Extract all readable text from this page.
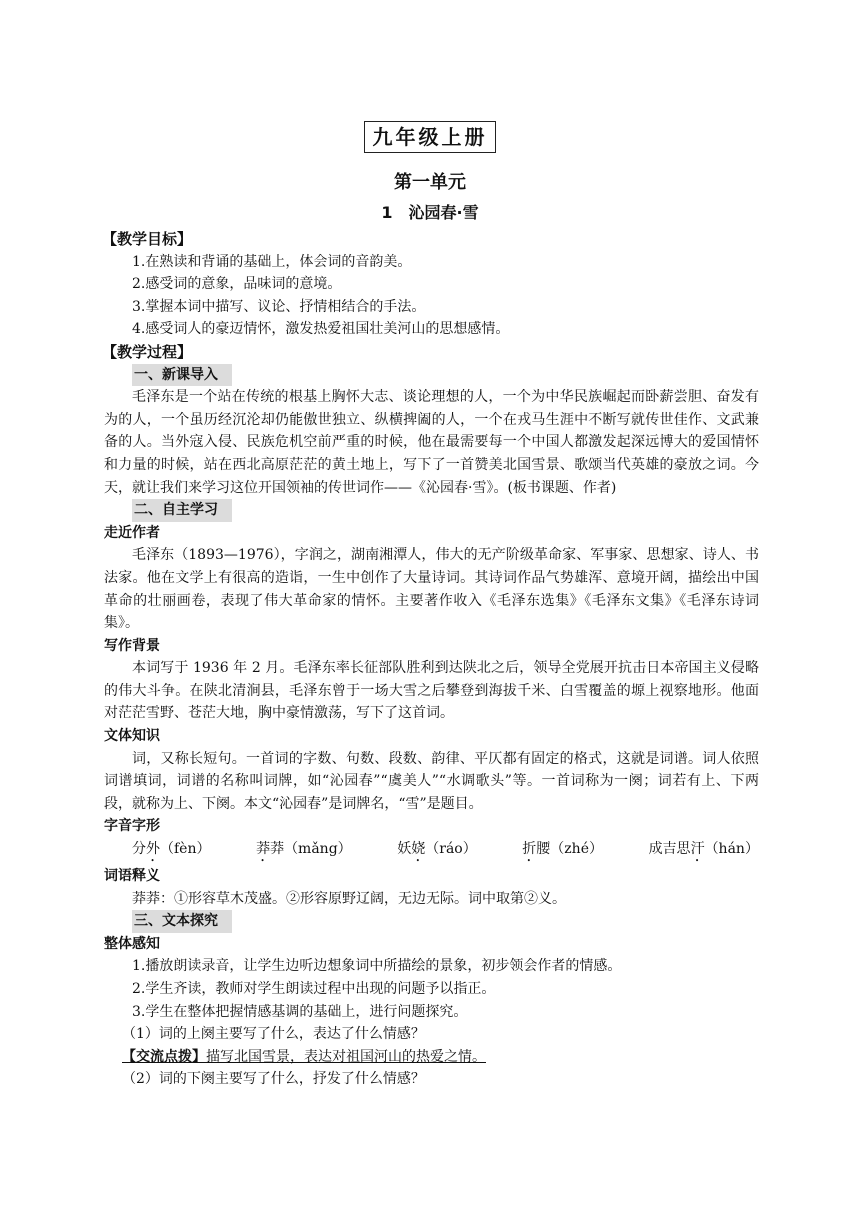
九年级上册
第一单元
1　沁园春·雪

【教学目标】

1.在熟读和背诵的基础上，体会词的音韵美。

2.感受词的意象，品味词的意境。

3.掌握本词中描写、议论、抒情相结合的手法。

4.感受词人的豪迈情怀，激发热爱祖国壮美河山的思想感情。

【教学过程】

一、新课导入

毛泽东是一个站在传统的根基上胸怀大志、谈论理想的人，一个为中华民族崛起而卧薪尝胆、奋发有为的人，一个虽历经沉沦却仍能傲世独立、纵横捭阖的人，一个在戎马生涯中不断写就传世佳作、文武兼备的人。当外寇入侵、民族危机空前严重的时候，他在最需要每一个中国人都激发起深远博大的爱国情怀和力量的时候，站在西北高原茫茫的黄土地上，写下了一首赞美北国雪景、歌颂当代英雄的豪放之词。今天，就让我们来学习这位开国领袖的传世词作——《沁园春·雪》。(板书课题、作者)

二、自主学习

走近作者

毛泽东（1893—1976），字润之，湖南湘潭人，伟大的无产阶级革命家、军事家、思想家、诗人、书法家。他在文学上有很高的造诣，一生中创作了大量诗词。其诗词作品气势雄浑、意境开阔，描绘出中国革命的壮丽画卷，表现了伟大革命家的情怀。主要著作收入《毛泽东选集》《毛泽东文集》《毛泽东诗词集》。

写作背景

本词写于 1936 年 2 月。毛泽东率长征部队胜利到达陕北之后，领导全党展开抗击日本帝国主义侵略的伟大斗争。在陕北清涧县，毛泽东曾于一场大雪之后攀登到海拔千米、白雪覆盖的塬上视察地形。他面对茫茫雪野、苍茫大地，胸中豪情激荡，写下了这首词。

文体知识

词，又称长短句。一首词的字数、句数、段数、韵律、平仄都有固定的格式，这就是词谱。词人依照词谱填词，词谱的名称叫词牌，如“沁园春”“虞美人”“水调歌头”等。一首词称为一阕；词若有上、下两段，就称为上、下阕。本文“沁园春”是词牌名，“雪”是题目。

字音字形

分外（fèn）	莽莽（mǎng）	妖娆（ráo）	折腰（zhé）	成吉思汗（hán）

词语释义

莽莽：①形容草木茂盛。②形容原野辽阔，无边无际。词中取第②义。

三、文本探究

整体感知

1.播放朗读录音，让学生边听边想象词中所描绘的景象，初步领会作者的情感。

2.学生齐读，教师对学生朗读过程中出现的问题予以指正。

3.学生在整体把握情感基调的基础上，进行问题探究。

（1）词的上阕主要写了什么，表达了什么情感？

【交流点拨】描写北国雪景，表达对祖国河山的热爱之情。

（2）词的下阕主要写了什么，抒发了什么情感？
